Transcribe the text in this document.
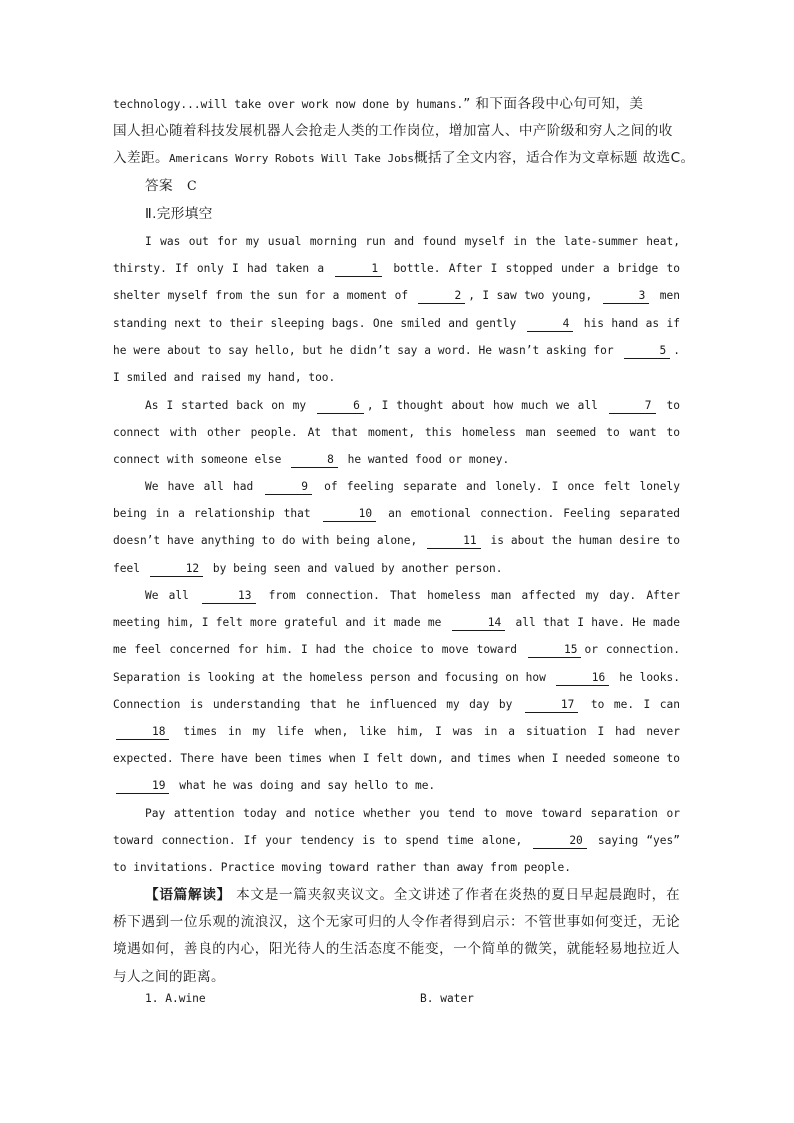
technology...will take over work now done by humans.” 和下面各段中心句可知，美
国人担心随着科技发展机器人会抢走人类的工作岗位，增加富人、中产阶级和穷人之间的收
入差距。Americans Worry Robots Will Take Jobs概括了全文内容，适合作为文章标题 故选C。
答案 C
Ⅱ.完形填空
I was out for my usual morning run and found myself in the late-summer heat, thirsty. If only I had taken a	1 bottle. After I stopped under a bridge to shelter myself from the sun for a moment of	2 , I saw two young,	3 men standing next to their sleeping bags. One smiled and gently	4 his hand as if he were about to say hello, but he didn’t say a word. He wasn’t asking for	5 . I smiled and raised my hand, too.
As I started back on my	6 , I thought about how much we all	7 to connect with other people. At that moment, this homeless man seemed to want to connect with someone else	8 he wanted food or money.
We have all had	9 of feeling separate and lonely. I once felt lonely being in a relationship that	10 an emotional connection. Feeling separated doesn’t have anything to do with being alone,	11 is about the human desire to feel	12 by being seen and valued by another person.
We all	13 from connection. That homeless man affected my day. After meeting him, I felt more grateful and it made me	14 all that I have. He made me feel concerned for him. I had the choice to move toward	15 or connection. Separation is looking at the homeless person and focusing on how	16 he looks. Connection is understanding that he influenced my day by	17 to me. I can 18 times in my life when, like him, I was in a situation I had never expected. There have been times when I felt down, and times when I needed someone to 19 what he was doing and say hello to me.
Pay attention today and notice whether you tend to move toward separation or toward connection. If your tendency is to spend time alone,	20 saying “yes” to invitations. Practice moving toward rather than away from people.
【语篇解读】 本文是一篇夹叙夹议文。全文讲述了作者在炎热的夏日早起晨跑时，在桥下遇到一位乐观的流浪汉，这个无家可归的人令作者得到启示：不管世事如何变迁，无论境遇如何，善良的内心，阳光待人的生活态度不能变，一个简单的微笑，就能轻易地拉近人与人之间的距离。
1. A.wine	B. water
